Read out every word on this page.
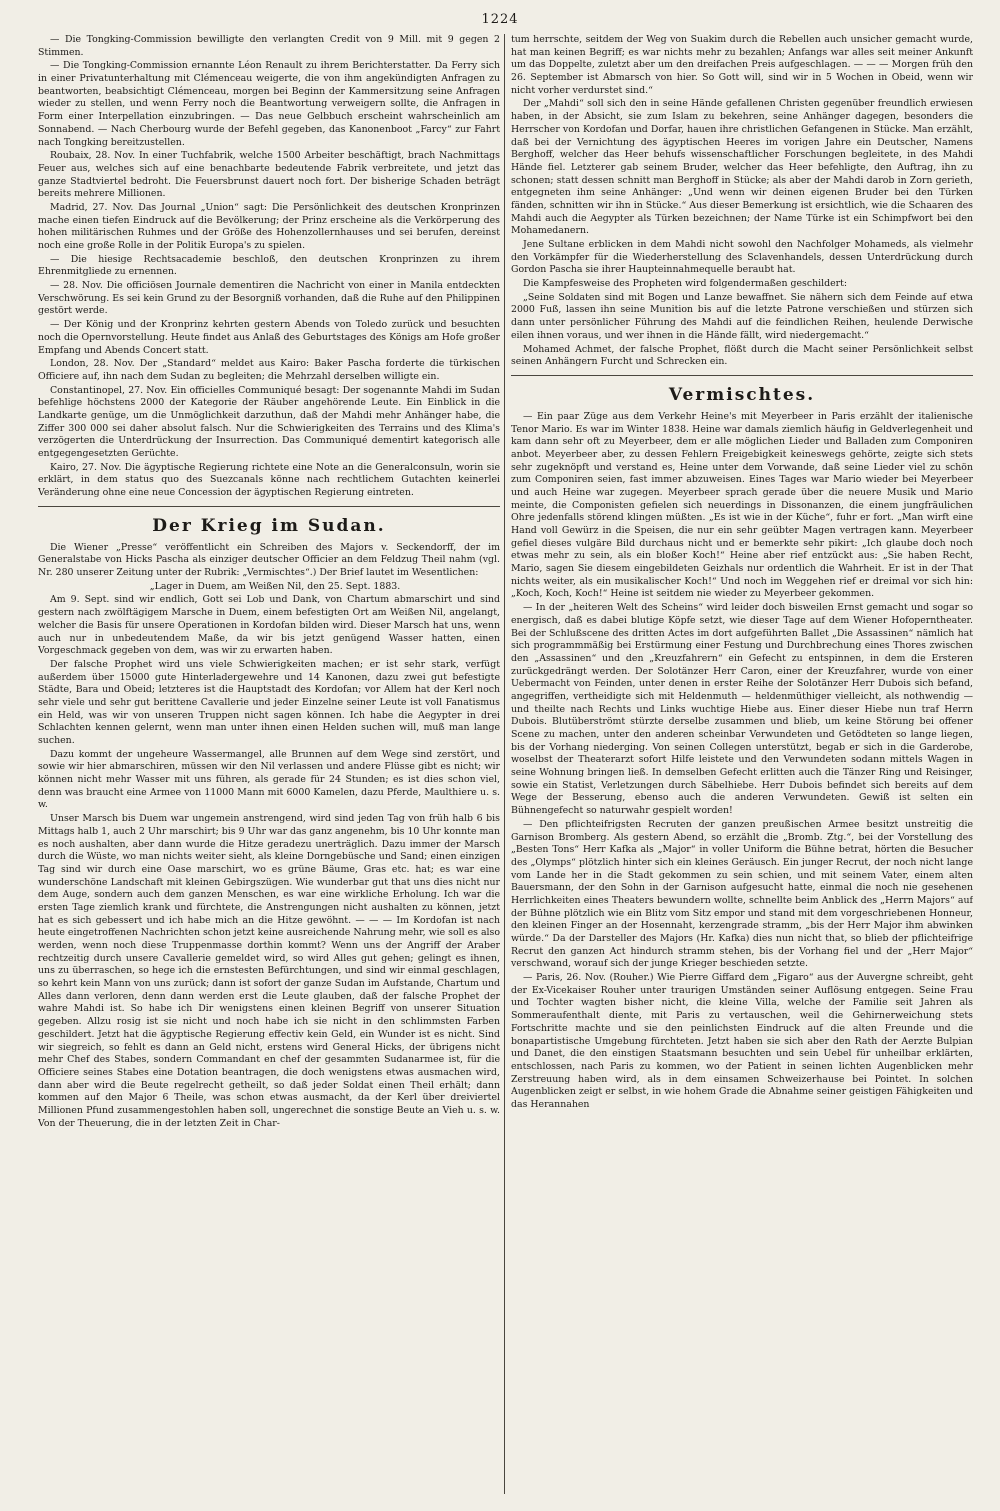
1224

— Die Tongking-Commission bewilligte den verlangten Credit von 9 Mill. mit 9 gegen 2 Stimmen.

— Die Tongking-Commission ernannte Léon Renault zu ihrem Berichterstatter. Da Ferry sich in einer Privatunterhaltung mit Clémenceau weigerte, die von ihm angekündigten Anfragen zu beantworten, beabsichtigt Clémenceau, morgen bei Beginn der Kammersitzung seine Anfragen wieder zu stellen, und wenn Ferry noch die Beantwortung verweigern sollte, die Anfragen in Form einer Interpellation einzubringen. — Das neue Gelbbuch erscheint wahrscheinlich am Sonnabend. — Nach Cherbourg wurde der Befehl gegeben, das Kanonenboot „Farcy“ zur Fahrt nach Tongking bereitzustellen.

Roubaix, 28. Nov. In einer Tuchfabrik, welche 1500 Arbeiter beschäftigt, brach Nachmittags Feuer aus, welches sich auf eine benachbarte bedeutende Fabrik verbreitete, und jetzt das ganze Stadtviertel bedroht. Die Feuersbrunst dauert noch fort. Der bisherige Schaden beträgt bereits mehrere Millionen.

Madrid, 27. Nov. Das Journal „Union“ sagt: Die Persönlichkeit des deutschen Kronprinzen mache einen tiefen Eindruck auf die Bevölkerung; der Prinz erscheine als die Verkörperung des hohen militärischen Ruhmes und der Größe des Hohenzollernhauses und sei berufen, dereinst noch eine große Rolle in der Politik Europa's zu spielen.

— Die hiesige Rechtsacademie beschloß, den deutschen Kronprinzen zu ihrem Ehrenmitgliede zu ernennen.

— 28. Nov. Die officiösen Journale dementiren die Nachricht von einer in Manila entdeckten Verschwörung. Es sei kein Grund zu der Besorgniß vorhanden, daß die Ruhe auf den Philippinen gestört werde.

— Der König und der Kronprinz kehrten gestern Abends von Toledo zurück und besuchten noch die Opernvorstellung. Heute findet aus Anlaß des Geburtstages des Königs am Hofe großer Empfang und Abends Concert statt.

London, 28. Nov. Der „Standard“ meldet aus Kairo: Baker Pascha forderte die türkischen Officiere auf, ihn nach dem Sudan zu begleiten; die Mehrzahl derselben willigte ein.

Constantinopel, 27. Nov. Ein officielles Communiqué besagt: Der sogenannte Mahdi im Sudan befehlige höchstens 2000 der Kategorie der Räuber angehörende Leute. Ein Einblick in die Landkarte genüge, um die Unmöglichkeit darzuthun, daß der Mahdi mehr Anhänger habe, die Ziffer 300 000 sei daher absolut falsch. Nur die Schwierigkeiten des Terrains und des Klima's verzögerten die Unterdrückung der Insurrection. Das Communiqué dementirt kategorisch alle entgegengesetzten Gerüchte.

Kairo, 27. Nov. Die ägyptische Regierung richtete eine Note an die Generalconsuln, worin sie erklärt, in dem status quo des Suezcanals könne nach rechtlichem Gutachten keinerlei Veränderung ohne eine neue Concession der ägyptischen Regierung eintreten.

Der Krieg im Sudan.

Die Wiener „Presse“ veröffentlicht ein Schreiben des Majors v. Seckendorff, der im Generalstabe von Hicks Pascha als einziger deutscher Officier an dem Feldzug Theil nahm (vgl. Nr. 280 unserer Zeitung unter der Rubrik: „Vermischtes“.) Der Brief lautet im Wesentlichen:

„Lager in Duem, am Weißen Nil, den 25. Sept. 1883.

Am 9. Sept. sind wir endlich, Gott sei Lob und Dank, von Chartum abmarschirt und sind gestern nach zwölftägigem Marsche in Duem, einem befestigten Ort am Weißen Nil, angelangt, welcher die Basis für unsere Operationen in Kordofan bilden wird. Dieser Marsch hat uns, wenn auch nur in unbedeutendem Maße, da wir bis jetzt genügend Wasser hatten, einen Vorgeschmack gegeben von dem, was wir zu erwarten haben.

Der falsche Prophet wird uns viele Schwierigkeiten machen; er ist sehr stark, verfügt außerdem über 15000 gute Hinterladergewehre und 14 Kanonen, dazu zwei gut befestigte Städte, Bara und Obeid; letzteres ist die Hauptstadt des Kordofan; vor Allem hat der Kerl noch sehr viele und sehr gut berittene Cavallerie und jeder Einzelne seiner Leute ist voll Fanatismus ein Held, was wir von unseren Truppen nicht sagen können. Ich habe die Aegypter in drei Schlachten kennen gelernt, wenn man unter ihnen einen Helden suchen will, muß man lange suchen.

Dazu kommt der ungeheure Wassermangel, alle Brunnen auf dem Wege sind zerstört, und sowie wir hier abmarschiren, müssen wir den Nil verlassen und andere Flüsse gibt es nicht; wir können nicht mehr Wasser mit uns führen, als gerade für 24 Stunden; es ist dies schon viel, denn was braucht eine Armee von 11000 Mann mit 6000 Kamelen, dazu Pferde, Maulthiere u. s. w.

Unser Marsch bis Duem war ungemein anstrengend, wird sind jeden Tag von früh halb 6 bis Mittags halb 1, auch 2 Uhr marschirt; bis 9 Uhr war das ganz angenehm, bis 10 Uhr konnte man es noch aushalten, aber dann wurde die Hitze geradezu unerträglich. Dazu immer der Marsch durch die Wüste, wo man nichts weiter sieht, als kleine Dorngebüsche und Sand; einen einzigen Tag sind wir durch eine Oase marschirt, wo es grüne Bäume, Gras etc. hat; es war eine wunderschöne Landschaft mit kleinen Gebirgszügen. Wie wunderbar gut that uns dies nicht nur dem Auge, sondern auch dem ganzen Menschen, es war eine wirkliche Erholung. Ich war die ersten Tage ziemlich krank und fürchtete, die Anstrengungen nicht aushalten zu können, jetzt hat es sich gebessert und ich habe mich an die Hitze gewöhnt. — — — Im Kordofan ist nach heute eingetroffenen Nachrichten schon jetzt keine ausreichende Nahrung mehr, wie soll es also werden, wenn noch diese Truppenmasse dorthin kommt? Wenn uns der Angriff der Araber rechtzeitig durch unsere Cavallerie gemeldet wird, so wird Alles gut gehen; gelingt es ihnen, uns zu überraschen, so hege ich die ernstesten Befürchtungen, und sind wir einmal geschlagen, so kehrt kein Mann von uns zurück; dann ist sofort der ganze Sudan im Aufstande, Chartum und Alles dann verloren, denn dann werden erst die Leute glauben, daß der falsche Prophet der wahre Mahdi ist. So habe ich Dir wenigstens einen kleinen Begriff von unserer Situation gegeben. Allzu rosig ist sie nicht und noch habe ich sie nicht in den schlimmsten Farben geschildert. Jetzt hat die ägyptische Regierung effectiv kein Geld, ein Wunder ist es nicht. Sind wir siegreich, so fehlt es dann an Geld nicht, erstens wird General Hicks, der übrigens nicht mehr Chef des Stabes, sondern Commandant en chef der gesammten Sudanarmee ist, für die Officiere seines Stabes eine Dotation beantragen, die doch wenigstens etwas ausmachen wird, dann aber wird die Beute regelrecht getheilt, so daß jeder Soldat einen Theil erhält; dann kommen auf den Major 6 Theile, was schon etwas ausmacht, da der Kerl über dreiviertel Millionen Pfund zusammengestohlen haben soll, ungerechnet die sonstige Beute an Vieh u. s. w. Von der Theuerung, die in der letzten Zeit in Char-

tum herrschte, seitdem der Weg von Suakim durch die Rebellen auch unsicher gemacht wurde, hat man keinen Begriff; es war nichts mehr zu bezahlen; Anfangs war alles seit meiner Ankunft um das Doppelte, zuletzt aber um den dreifachen Preis aufgeschlagen. — — — Morgen früh den 26. September ist Abmarsch von hier. So Gott will, sind wir in 5 Wochen in Obeid, wenn wir nicht vorher verdurstet sind.“

Der „Mahdi“ soll sich den in seine Hände gefallenen Christen gegenüber freundlich erwiesen haben, in der Absicht, sie zum Islam zu bekehren, seine Anhänger dagegen, besonders die Herrscher von Kordofan und Dorfar, hauen ihre christlichen Gefangenen in Stücke. Man erzählt, daß bei der Vernichtung des ägyptischen Heeres im vorigen Jahre ein Deutscher, Namens Berghoff, welcher das Heer behufs wissenschaftlicher Forschungen begleitete, in des Mahdi Hände fiel. Letzterer gab seinem Bruder, welcher das Heer befehligte, den Auftrag, ihn zu schonen; statt dessen schnitt man Berghoff in Stücke; als aber der Mahdi darob in Zorn gerieth, entgegneten ihm seine Anhänger: „Und wenn wir deinen eigenen Bruder bei den Türken fänden, schnitten wir ihn in Stücke.“ Aus dieser Bemerkung ist ersichtlich, wie die Schaaren des Mahdi auch die Aegypter als Türken bezeichnen; der Name Türke ist ein Schimpfwort bei den Mohamedanern.

Jene Sultane erblicken in dem Mahdi nicht sowohl den Nachfolger Mohameds, als vielmehr den Vorkämpfer für die Wiederherstellung des Sclavenhandels, dessen Unterdrückung durch Gordon Pascha sie ihrer Haupteinnahmequelle beraubt hat.

Die Kampfesweise des Propheten wird folgendermaßen geschildert:

„Seine Soldaten sind mit Bogen und Lanze bewaffnet. Sie nähern sich dem Feinde auf etwa 2000 Fuß, lassen ihn seine Munition bis auf die letzte Patrone verschießen und stürzen sich dann unter persönlicher Führung des Mahdi auf die feindlichen Reihen, heulende Derwische eilen ihnen voraus, und wer ihnen in die Hände fällt, wird niedergemacht.“

Mohamed Achmet, der falsche Prophet, flößt durch die Macht seiner Persönlichkeit selbst seinen Anhängern Furcht und Schrecken ein.

Vermischtes.

— Ein paar Züge aus dem Verkehr Heine's mit Meyerbeer in Paris erzählt der italienische Tenor Mario. Es war im Winter 1838. Heine war damals ziemlich häufig in Geldverlegenheit und kam dann sehr oft zu Meyerbeer, dem er alle möglichen Lieder und Balladen zum Componiren anbot. Meyerbeer aber, zu dessen Fehlern Freigebigkeit keineswegs gehörte, zeigte sich stets sehr zugeknöpft und verstand es, Heine unter dem Vorwande, daß seine Lieder viel zu schön zum Componiren seien, fast immer abzuweisen. Eines Tages war Mario wieder bei Meyerbeer und auch Heine war zugegen. Meyerbeer sprach gerade über die neuere Musik und Mario meinte, die Componisten gefielen sich neuerdings in Dissonanzen, die einem jungfräulichen Ohre jedenfalls störend klingen müßten. „Es ist wie in der Küche“, fuhr er fort. „Man wirft eine Hand voll Gewürz in die Speisen, die nur ein sehr geübter Magen vertragen kann. Meyerbeer gefiel dieses vulgäre Bild durchaus nicht und er bemerkte sehr pikirt: „Ich glaube doch noch etwas mehr zu sein, als ein bloßer Koch!“ Heine aber rief entzückt aus: „Sie haben Recht, Mario, sagen Sie diesem eingebildeten Geizhals nur ordentlich die Wahrheit. Er ist in der That nichts weiter, als ein musikalischer Koch!“ Und noch im Weggehen rief er dreimal vor sich hin: „Koch, Koch, Koch!“ Heine ist seitdem nie wieder zu Meyerbeer gekommen.

— In der „heiteren Welt des Scheins“ wird leider doch bisweilen Ernst gemacht und sogar so energisch, daß es dabei blutige Köpfe setzt, wie dieser Tage auf dem Wiener Hofoperntheater. Bei der Schlußscene des dritten Actes im dort aufgeführten Ballet „Die Assassinen“ nämlich hat sich programmmäßig bei Erstürmung einer Festung und Durchbrechung eines Thores zwischen den „Assassinen“ und den „Kreuzfahrern“ ein Gefecht zu entspinnen, in dem die Ersteren zurückgedrängt werden. Der Solotänzer Herr Caron, einer der Kreuzfahrer, wurde von einer Uebermacht von Feinden, unter denen in erster Reihe der Solotänzer Herr Dubois sich befand, angegriffen, vertheidigte sich mit Heldenmuth — heldenmüthiger vielleicht, als nothwendig — und theilte nach Rechts und Links wuchtige Hiebe aus. Einer dieser Hiebe nun traf Herrn Dubois. Blutüberströmt stürzte derselbe zusammen und blieb, um keine Störung bei offener Scene zu machen, unter den anderen scheinbar Verwundeten und Getödteten so lange liegen, bis der Vorhang niederging. Von seinen Collegen unterstützt, begab er sich in die Garderobe, woselbst der Theaterarzt sofort Hilfe leistete und den Verwundeten sodann mittels Wagen in seine Wohnung bringen ließ. In demselben Gefecht erlitten auch die Tänzer Ring und Reisinger, sowie ein Statist, Verletzungen durch Säbelhiebe. Herr Dubois befindet sich bereits auf dem Wege der Besserung, ebenso auch die anderen Verwundeten. Gewiß ist selten ein Bühnengefecht so naturwahr gespielt worden!

— Den pflichteifrigsten Recruten der ganzen preußischen Armee besitzt unstreitig die Garnison Bromberg. Als gestern Abend, so erzählt die „Bromb. Ztg.“, bei der Vorstellung des „Besten Tons“ Herr Kafka als „Major“ in voller Uniform die Bühne betrat, hörten die Besucher des „Olymps“ plötzlich hinter sich ein kleines Geräusch. Ein junger Recrut, der noch nicht lange vom Lande her in die Stadt gekommen zu sein schien, und mit seinem Vater, einem alten Bauersmann, der den Sohn in der Garnison aufgesucht hatte, einmal die noch nie gesehenen Herrlichkeiten eines Theaters bewundern wollte, schnellte beim Anblick des „Herrn Majors“ auf der Bühne plötzlich wie ein Blitz vom Sitz empor und stand mit dem vorgeschriebenen Honneur, den kleinen Finger an der Hosennaht, kerzengrade stramm, „bis der Herr Major ihm abwinken würde.“ Da der Darsteller des Majors (Hr. Kafka) dies nun nicht that, so blieb der pflichteifrige Recrut den ganzen Act hindurch stramm stehen, bis der Vorhang fiel und der „Herr Major“ verschwand, worauf sich der junge Krieger beschieden setzte.

— Paris, 26. Nov. (Rouher.) Wie Pierre Giffard dem „Figaro“ aus der Auvergne schreibt, geht der Ex-Vicekaiser Rouher unter traurigen Umständen seiner Auflösung entgegen. Seine Frau und Tochter wagten bisher nicht, die kleine Villa, welche der Familie seit Jahren als Sommeraufenthalt diente, mit Paris zu vertauschen, weil die Gehirnerweichung stets Fortschritte machte und sie den peinlichsten Eindruck auf die alten Freunde und die bonapartistische Umgebung fürchteten. Jetzt haben sie sich aber den Rath der Aerzte Bulpian und Danet, die den einstigen Staatsmann besuchten und sein Uebel für unheilbar erklärten, entschlossen, nach Paris zu kommen, wo der Patient in seinen lichten Augenblicken mehr Zerstreuung haben wird, als in dem einsamen Schweizerhause bei Pointet. In solchen Augenblicken zeigt er selbst, in wie hohem Grade die Abnahme seiner geistigen Fähigkeiten und das Herannahen
